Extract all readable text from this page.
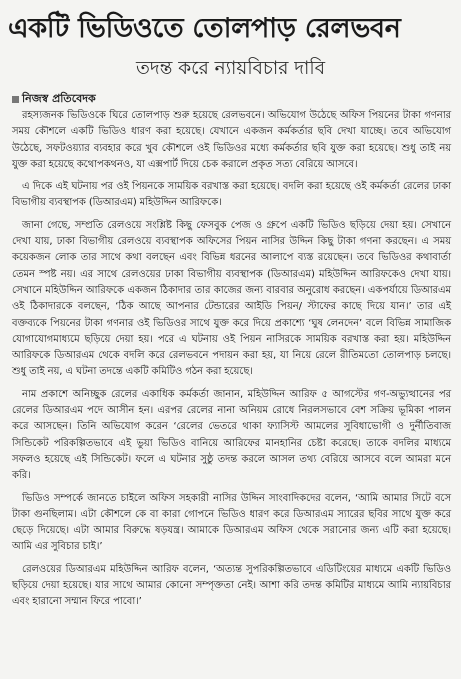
একটি ভিডিওতে তোলপাড় রেলভবন
তদন্ত করে ন্যায়বিচার দাবি
নিজস্ব প্রতিবেদক

রহস্যজনক ভিডিওকে ঘিরে তোলপাড় শুরু হয়েছে রেলভবনে। অভিযোগ উঠেছে অফিস পিয়নের টাকা গণনার সময় কৌশলে একটি ভিডিও ধারণ করা হয়েছে। যেখানে একজন কর্মকর্তার ছবি দেখা যাচ্ছে। তবে অভিযোগ উঠেছে, সফটওয়্যার ব্যবহার করে খুব কৌশলে ওই ভিডিওর মধ্যে কর্মকর্তার ছবি যুক্ত করা হয়েছে। শুধু তাই নয় যুক্ত করা হয়েছে কথোপকথনও, যা এক্সপার্ট দিয়ে চেক করালে প্রকৃত সত্য বেরিয়ে আসবে।

এ দিকে এই ঘটনায় পর ওই পিয়নকে সাময়িক বরখাস্ত করা হয়েছে। বদলি করা হয়েছে ওই কর্মকর্তা রেলের ঢাকা বিভাগীয় ব্যবস্থাপক (ডিআরএম) মহিউদ্দিন আরিফকে।

জানা গেছে, সম্প্রতি রেলওয়ে সংশ্লিষ্ট কিছু ফেসবুক পেজ ও গ্রুপে একটি ভিডিও ছড়িয়ে দেয়া হয়। সেখানে দেখা যায়, ঢাকা বিভাগীয় রেলওয়ে ব্যবস্থাপক অফিসের পিয়ন নাসির উদ্দিন কিছু টাকা গণনা করছেন। এ সময় কয়েকজন লোক তার সাথে কথা বলছেন এবং বিভিন্ন ধরনের আলাপে ব্যস্ত রয়েছেন। তবে ভিডিওর কথাবার্তা তেমন স্পষ্ট নয়। এর সাথে রেলওয়ের ঢাকা বিভাগীয় ব্যবস্থাপক (ডিআরএম) মহিউদ্দিন আরিফকেও দেখা যায়। সেখানে মহিউদ্দিন আরিফকে একজন ঠিকাদার তার কাজের জন্য বারবার অনুরোধ করছেন। একপর্যায়ে ডিআরএম ওই ঠিকাদারকে বলছেন, ‘ঠিক আছে আপনার টেন্ডারের আইডি পিয়ন/ স্টাফের কাছে দিয়ে যান।’ তার এই বক্তব্যকে পিয়নের টাকা গণনার ওই ভিডিওর সাথে যুক্ত করে দিয়ে প্রকাশ্যে ‘ঘুষ লেনদেন’ বলে বিভিন্ন সামাজিক যোগাযোগমাধ্যমে ছড়িয়ে দেয়া হয়। পরে এ ঘটনায় ওই পিয়ন নাসিরকে সাময়িক বরখাস্ত করা হয়। মহিউদ্দিন আরিফকে ডিআরএম থেকে বদলি করে রেলভবনে পদায়ন করা হয়, যা নিয়ে রেলে রীতিমতো তোলপাড় চলছে। শুধু তাই নয়, এ ঘটনা তদন্তে একটি কমিটিও গঠন করা হয়েছে।

নাম প্রকাশে অনিচ্ছুক রেলের একাধিক কর্মকর্তা জানান, মহিউদ্দিন আরিফ ৫ আগস্টের গণ-অভ্যুত্থানের পর রেলের ডিআরএম পদে আসীন হন। এরপর রেলের নানা অনিয়ম রোধে নিরলসভাবে বেশ সক্রিয় ভূমিকা পালন করে আসছেন। তিনি অভিযোগ করেন ‘রেলের ভেতরে থাকা ফ্যাসিস্ট আমলের সুবিধাভোগী ও দুর্নীতিবাজ সিন্ডিকেট পরিকল্পিতভাবে এই ভুয়া ভিডিও বানিয়ে আরিফের মানহানির চেষ্টা করেছে। তাকে বদলির মাধ্যমে সফলও হয়েছে এই সিন্ডিকেট। ফলে এ ঘটনার সুষ্ঠু তদন্ত করলে আসল তথ্য বেরিয়ে আসবে বলে আমরা মনে করি।

ভিডিও সম্পর্কে জানতে চাইলে অফিস সহকারী নাসির উদ্দিন সাংবাদিকদের বলেন, ‘আমি আমার সিটে বসে টাকা গুনছিলাম। এটা কৌশলে কে বা কারা গোপনে ভিডিও ধারণ করে ডিআরএম স্যারের ছবির সাথে যুক্ত করে ছেড়ে দিয়েছে। এটা আমার বিরুদ্ধে ষড়যন্ত্র। আমাকে ডিআরএম অফিস থেকে সরানোর জন্য এটি করা হয়েছে। আমি এর সুবিচার চাই।’

রেলওয়ের ডিআরএম মহিউদ্দিন আরিফ বলেন, ‘অত্যন্ত সুপরিকল্পিতভাবে এডিটিংয়ের মাধ্যমে একটি ভিডিও ছড়িয়ে দেয়া হয়েছে। যার সাথে আমার কোনো সম্পৃক্ততা নেই। আশা করি তদন্ত কমিটির মাধ্যমে আমি ন্যায়বিচার এবং হারানো সম্মান ফিরে পাবো।’
